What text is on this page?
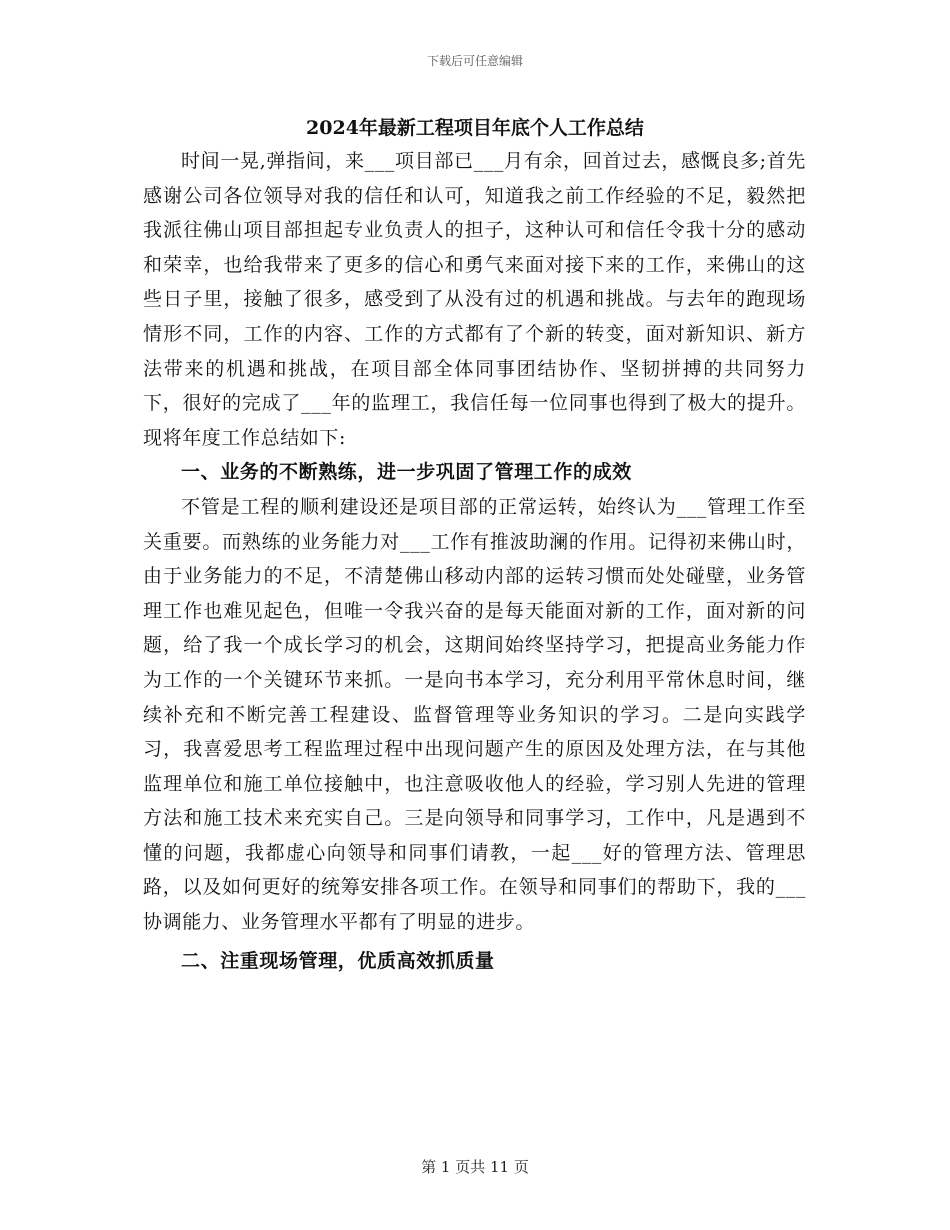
下载后可任意编辑
2024年最新工程项目年底个人工作总结

时间一晃,弹指间，来___项目部已___月有余，回首过去，感慨良多;首先感谢公司各位领导对我的信任和认可，知道我之前工作经验的不足，毅然把我派往佛山项目部担起专业负责人的担子，这种认可和信任令我十分的感动和荣幸，也给我带来了更多的信心和勇气来面对接下来的工作，来佛山的这些日子里，接触了很多，感受到了从没有过的机遇和挑战。与去年的跑现场情形不同，工作的内容、工作的方式都有了个新的转变，面对新知识、新方法带来的机遇和挑战，在项目部全体同事团结协作、坚韧拼搏的共同努力下，很好的完成了___年的监理工，我信任每一位同事也得到了极大的提升。现将年度工作总结如下:

一、业务的不断熟练，进一步巩固了管理工作的成效

不管是工程的顺利建设还是项目部的正常运转，始终认为___管理工作至关重要。而熟练的业务能力对___工作有推波助澜的作用。记得初来佛山时，由于业务能力的不足，不清楚佛山移动内部的运转习惯而处处碰壁，业务管理工作也难见起色，但唯一令我兴奋的是每天能面对新的工作，面对新的问题，给了我一个成长学习的机会，这期间始终坚持学习，把提高业务能力作为工作的一个关键环节来抓。一是向书本学习，充分利用平常休息时间，继续补充和不断完善工程建设、监督管理等业务知识的学习。二是向实践学习，我喜爱思考工程监理过程中出现问题产生的原因及处理方法，在与其他监理单位和施工单位接触中，也注意吸收他人的经验，学习别人先进的管理方法和施工技术来充实自己。三是向领导和同事学习，工作中，凡是遇到不懂的问题，我都虚心向领导和同事们请教，一起___好的管理方法、管理思路，以及如何更好的统筹安排各项工作。在领导和同事们的帮助下，我的___协调能力、业务管理水平都有了明显的进步。

二、注重现场管理，优质高效抓质量

第 1 页共 11 页
